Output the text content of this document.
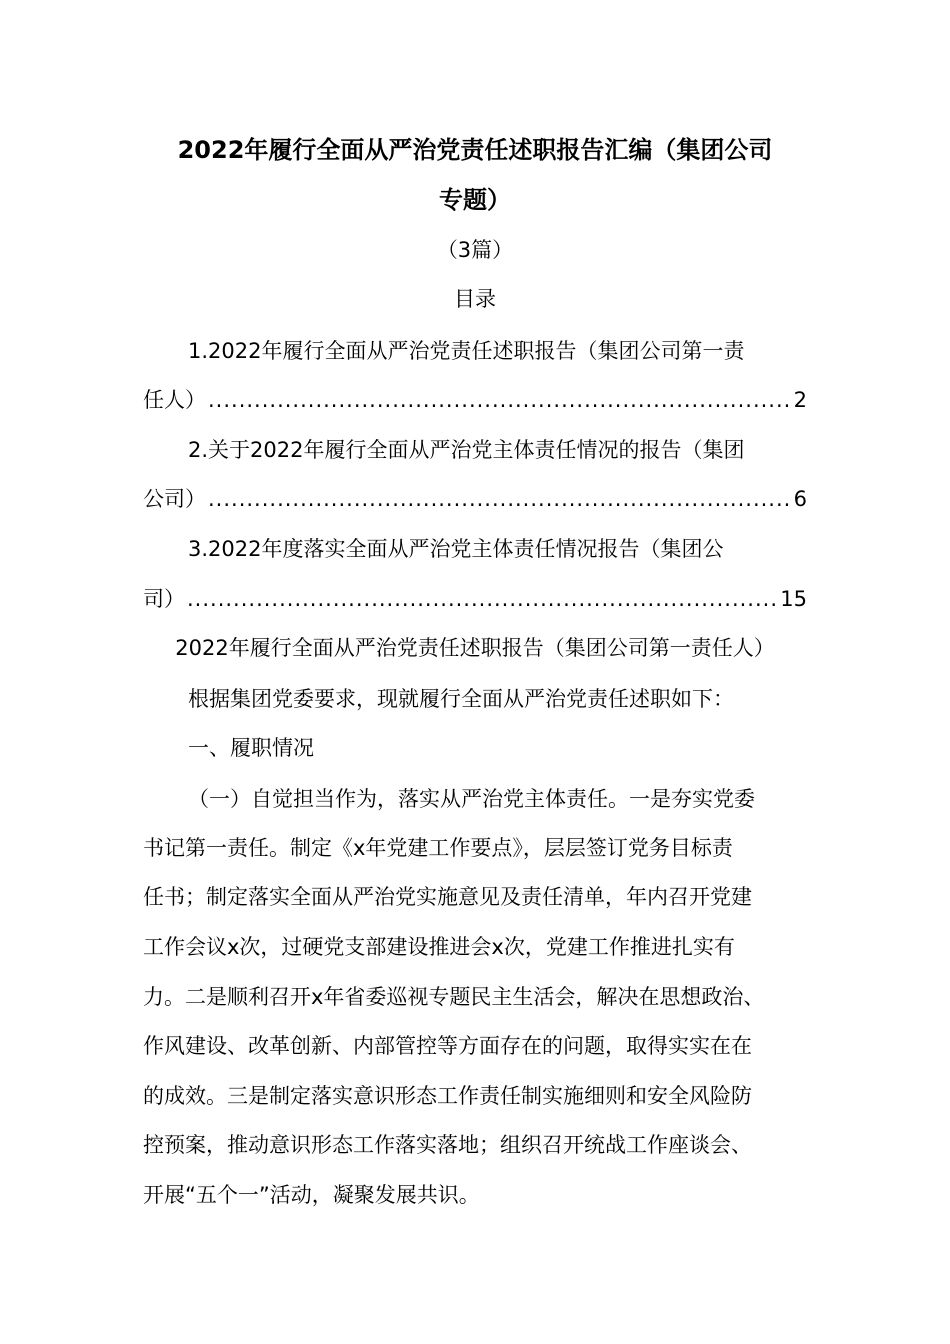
2022年履行全面从严治党责任述职报告汇编（集团公司
专题）
（3篇）
目录
1.2022年履行全面从严治党责任述职报告（集团公司第一责
任人） .....	2
2.关于2022年履行全面从严治党主体责任情况的报告（集团
公司） .....	6
3.2022年度落实全面从严治党主体责任情况报告（集团公
司） .....	15
2022年履行全面从严治党责任述职报告（集团公司第一责任人）
根据集团党委要求，现就履行全面从严治党责任述职如下：
一、履职情况
（一）自觉担当作为，落实从严治党主体责任。一是夯实党委
书记第一责任。制定《x年党建工作要点》，层层签订党务目标责
任书；制定落实全面从严治党实施意见及责任清单，年内召开党建
工作会议x次，过硬党支部建设推进会x次，党建工作推进扎实有
力。二是顺利召开x年省委巡视专题民主生活会，解决在思想政治、
作风建设、改革创新、内部管控等方面存在的问题，取得实实在在
的成效。三是制定落实意识形态工作责任制实施细则和安全风险防
控预案，推动意识形态工作落实落地；组织召开统战工作座谈会、
开展“五个一”活动，凝聚发展共识。
